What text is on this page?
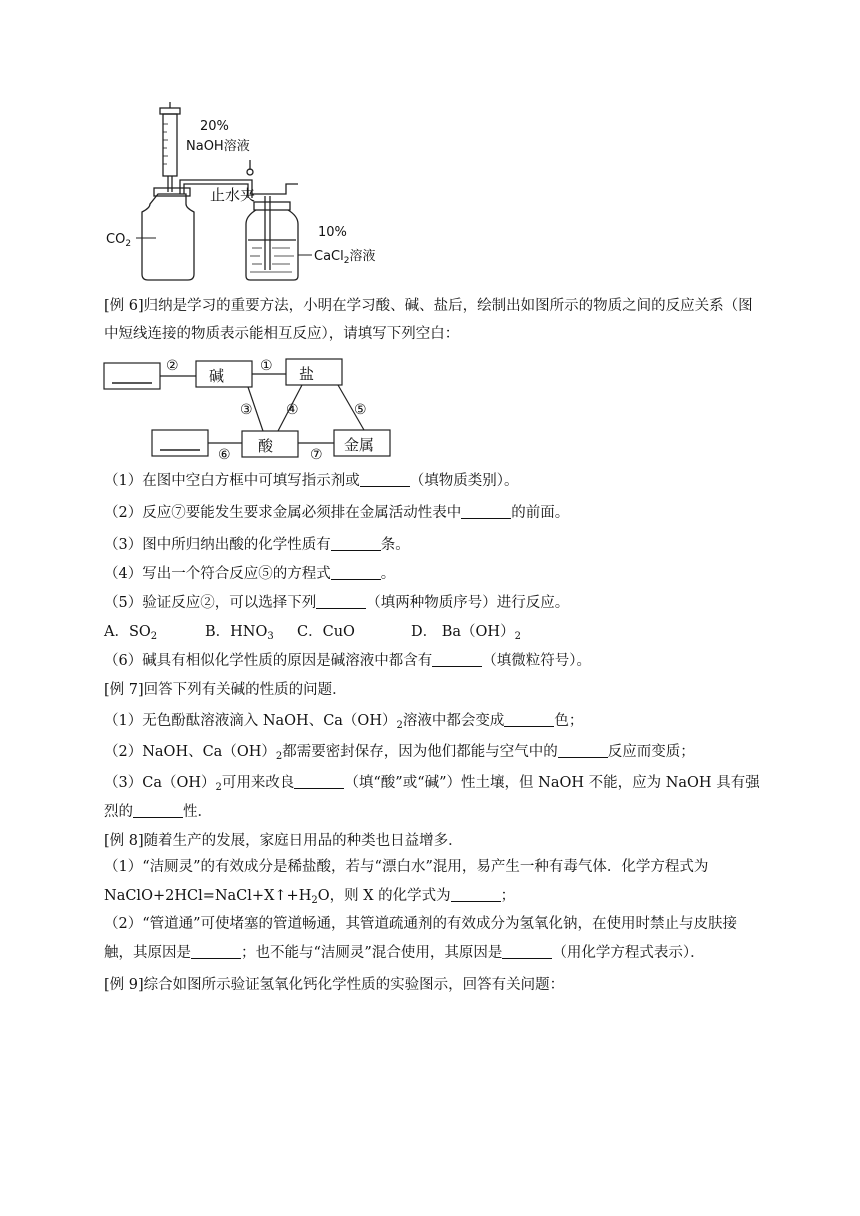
20%
NaOH溶液
止水夹
$CO_2$
10%
CaCl$_2$溶液
[例 6]归纳是学习的重要方法，小明在学习酸、碱、盐后，绘制出如图所示的物质之间的反应关系（图
中短线连接的物质表示能相互反应），请填写下列空白：
碱	盐
酸	金属
②	①
③ ④	⑤
⑥	⑦
（1）在图中空白方框中可填写指示剂或	（填物质类别）。
（2）反应⑦要能发生要求金属必须排在金属活动性表中	的前面。
（3）图中所归纳出酸的化学性质有	条。
（4）写出一个符合反应⑤的方程式	。
（5）验证反应②，可以选择下列	（填两种物质序号）进行反应。
A．$SO_2$	B．$HNO_3$ C．CuO	D． $Ba(OH)_2$
（6）碱具有相似化学性质的原因是碱溶液中都含有	（填微粒符号）。
[例 7]回答下列有关碱的性质的问题．
（1）无色酚酞溶液滴入 NaOH、$Ca(OH)_2$溶液中都会变成	色；
（2）NaOH、$Ca(OH)_2$都需要密封保存，因为他们都能与空气中的	反应而变质；
$(3)Ca(OH)_2$可用来改良	（填“酸”或“碱”）性土壤，但 NaOH 不能，应为 NaOH 具有强
烈的	性．
[例 8]随着生产的发展，家庭日用品的种类也日益增多．
（1）“洁厕灵”的有效成分是稀盐酸，若与“漂白水”混用，易产生一种有毒气体．化学方程式为
$NaClO+2HCl=NaCl+X↑+H_2O$，则 X 的化学式为	；
（2）“管道通”可使堵塞的管道畅通，其管道疏通剂的有效成分为氢氧化钠，在使用时禁止与皮肤接
触，其原因是	；也不能与“洁厕灵”混合使用，其原因是	（用化学方程式表示）．
[例 9]综合如图所示验证氢氧化钙化学性质的实验图示，回答有关问题：
